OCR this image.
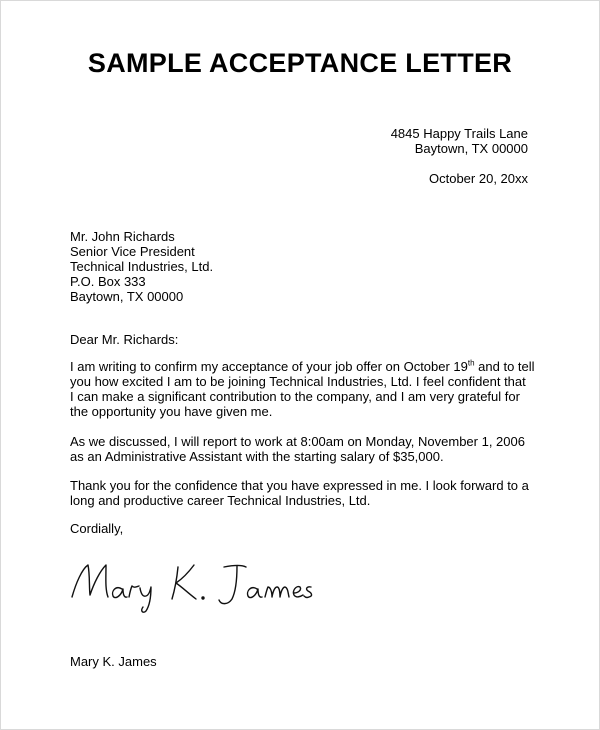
SAMPLE ACCEPTANCE LETTER
4845 Happy Trails Lane
Baytown, TX 00000
October 20, 20xx
Mr. John Richards
Senior Vice President
Technical Industries, Ltd.
P.O. Box 333
Baytown, TX 00000
Dear Mr. Richards:

I am writing to confirm my acceptance of your job offer on October 19th and to tell
you how excited I am to be joining Technical Industries, Ltd. I feel confident that
I can make a significant contribution to the company, and I am very grateful for
the opportunity you have given me.

As we discussed, I will report to work at 8:00am on Monday, November 1, 2006
as an Administrative Assistant with the starting salary of $35,000.

Thank you for the confidence that you have expressed in me. I look forward to a
long and productive career Technical Industries, Ltd.

Cordially,
Mary K. James
